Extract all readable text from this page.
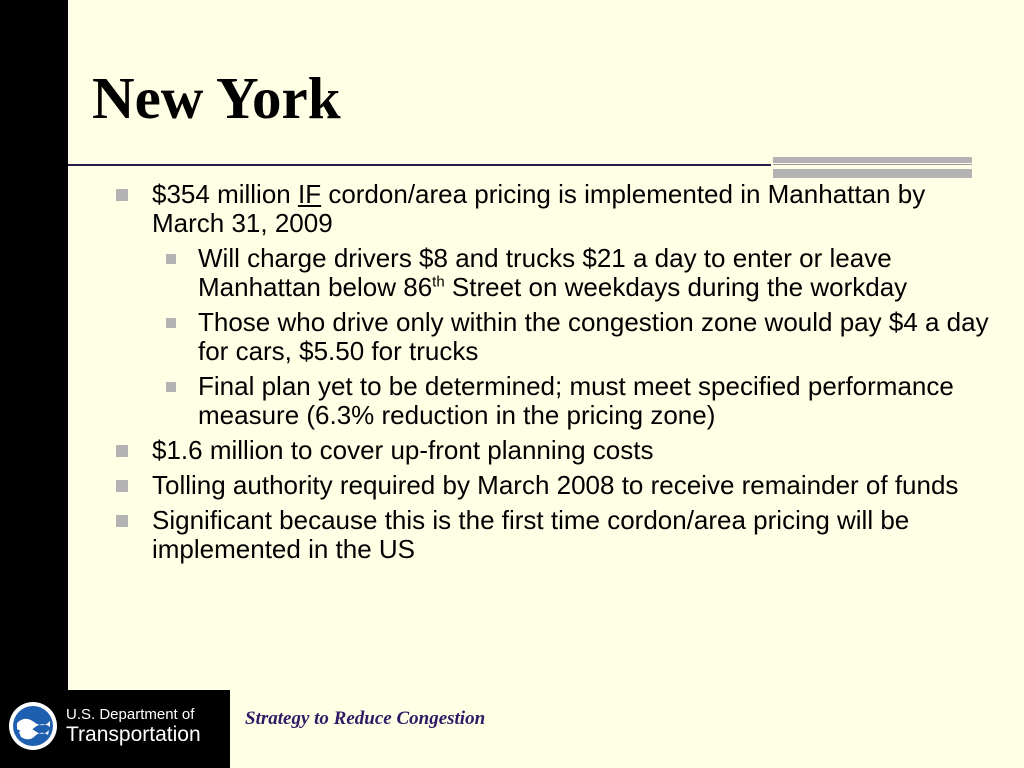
New York
$354 million IF cordon/area pricing is implemented in Manhattan by March 31, 2009
Will charge drivers $8 and trucks $21 a day to enter or leave Manhattan below 86th Street on weekdays during the workday
Those who drive only within the congestion zone would pay $4 a day for cars, $5.50 for trucks
Final plan yet to be determined; must meet specified performance measure (6.3% reduction in the pricing zone)
$1.6 million to cover up-front planning costs
Tolling authority required by March 2008 to receive remainder of funds
Significant because this is the first time cordon/area pricing will be implemented in the US
U.S. Department of
Transportation
Strategy to Reduce Congestion
